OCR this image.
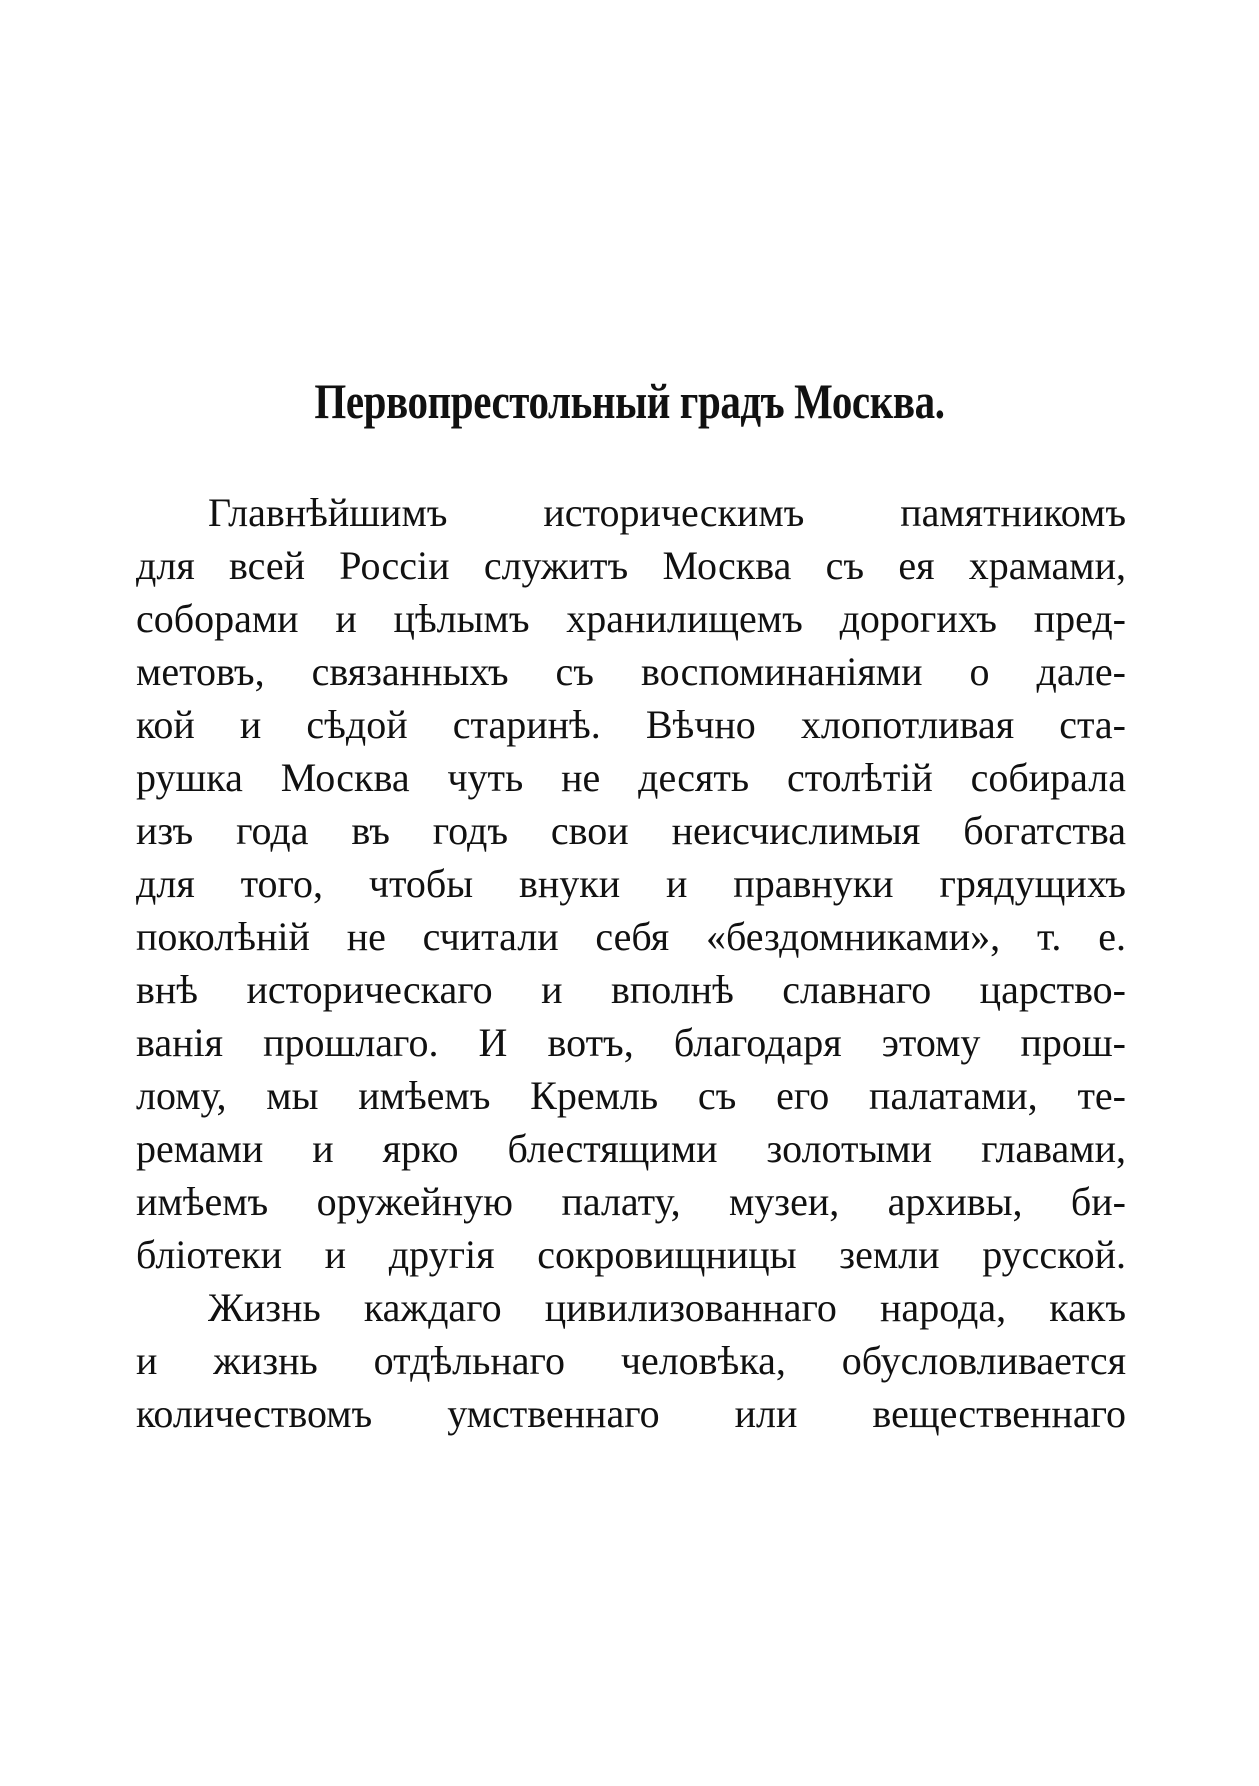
Первопрестольный градъ Москва.
Главнѣйшимъ историческимъ памятникомъ
для всей Россіи служитъ Москва съ ея храмами,
соборами и цѣлымъ хранилищемъ дорогихъ пред-
метовъ, связанныхъ съ воспоминаніями о дале-
кой и сѣдой старинѣ. Вѣчно хлопотливая ста-
рушка Москва чуть не десять столѣтій собирала
изъ года въ годъ свои неисчислимыя богатства
для того, чтобы внуки и правнуки грядущихъ
поколѣній не считали себя «бездомниками», т. е.
внѣ историческаго и вполнѣ славнаго царство-
ванія прошлаго. И вотъ, благодаря этому прош-
лому, мы имѣемъ Кремль съ его палатами, те-
ремами и ярко блестящими золотыми главами,
имѣемъ оружейную палату, музеи, архивы, би-
бліотеки и другія сокровищницы земли русской.
Жизнь каждаго цивилизованнаго народа, какъ
и жизнь отдѣльнаго человѣка, обусловливается
количествомъ умственнаго или вещественнаго
